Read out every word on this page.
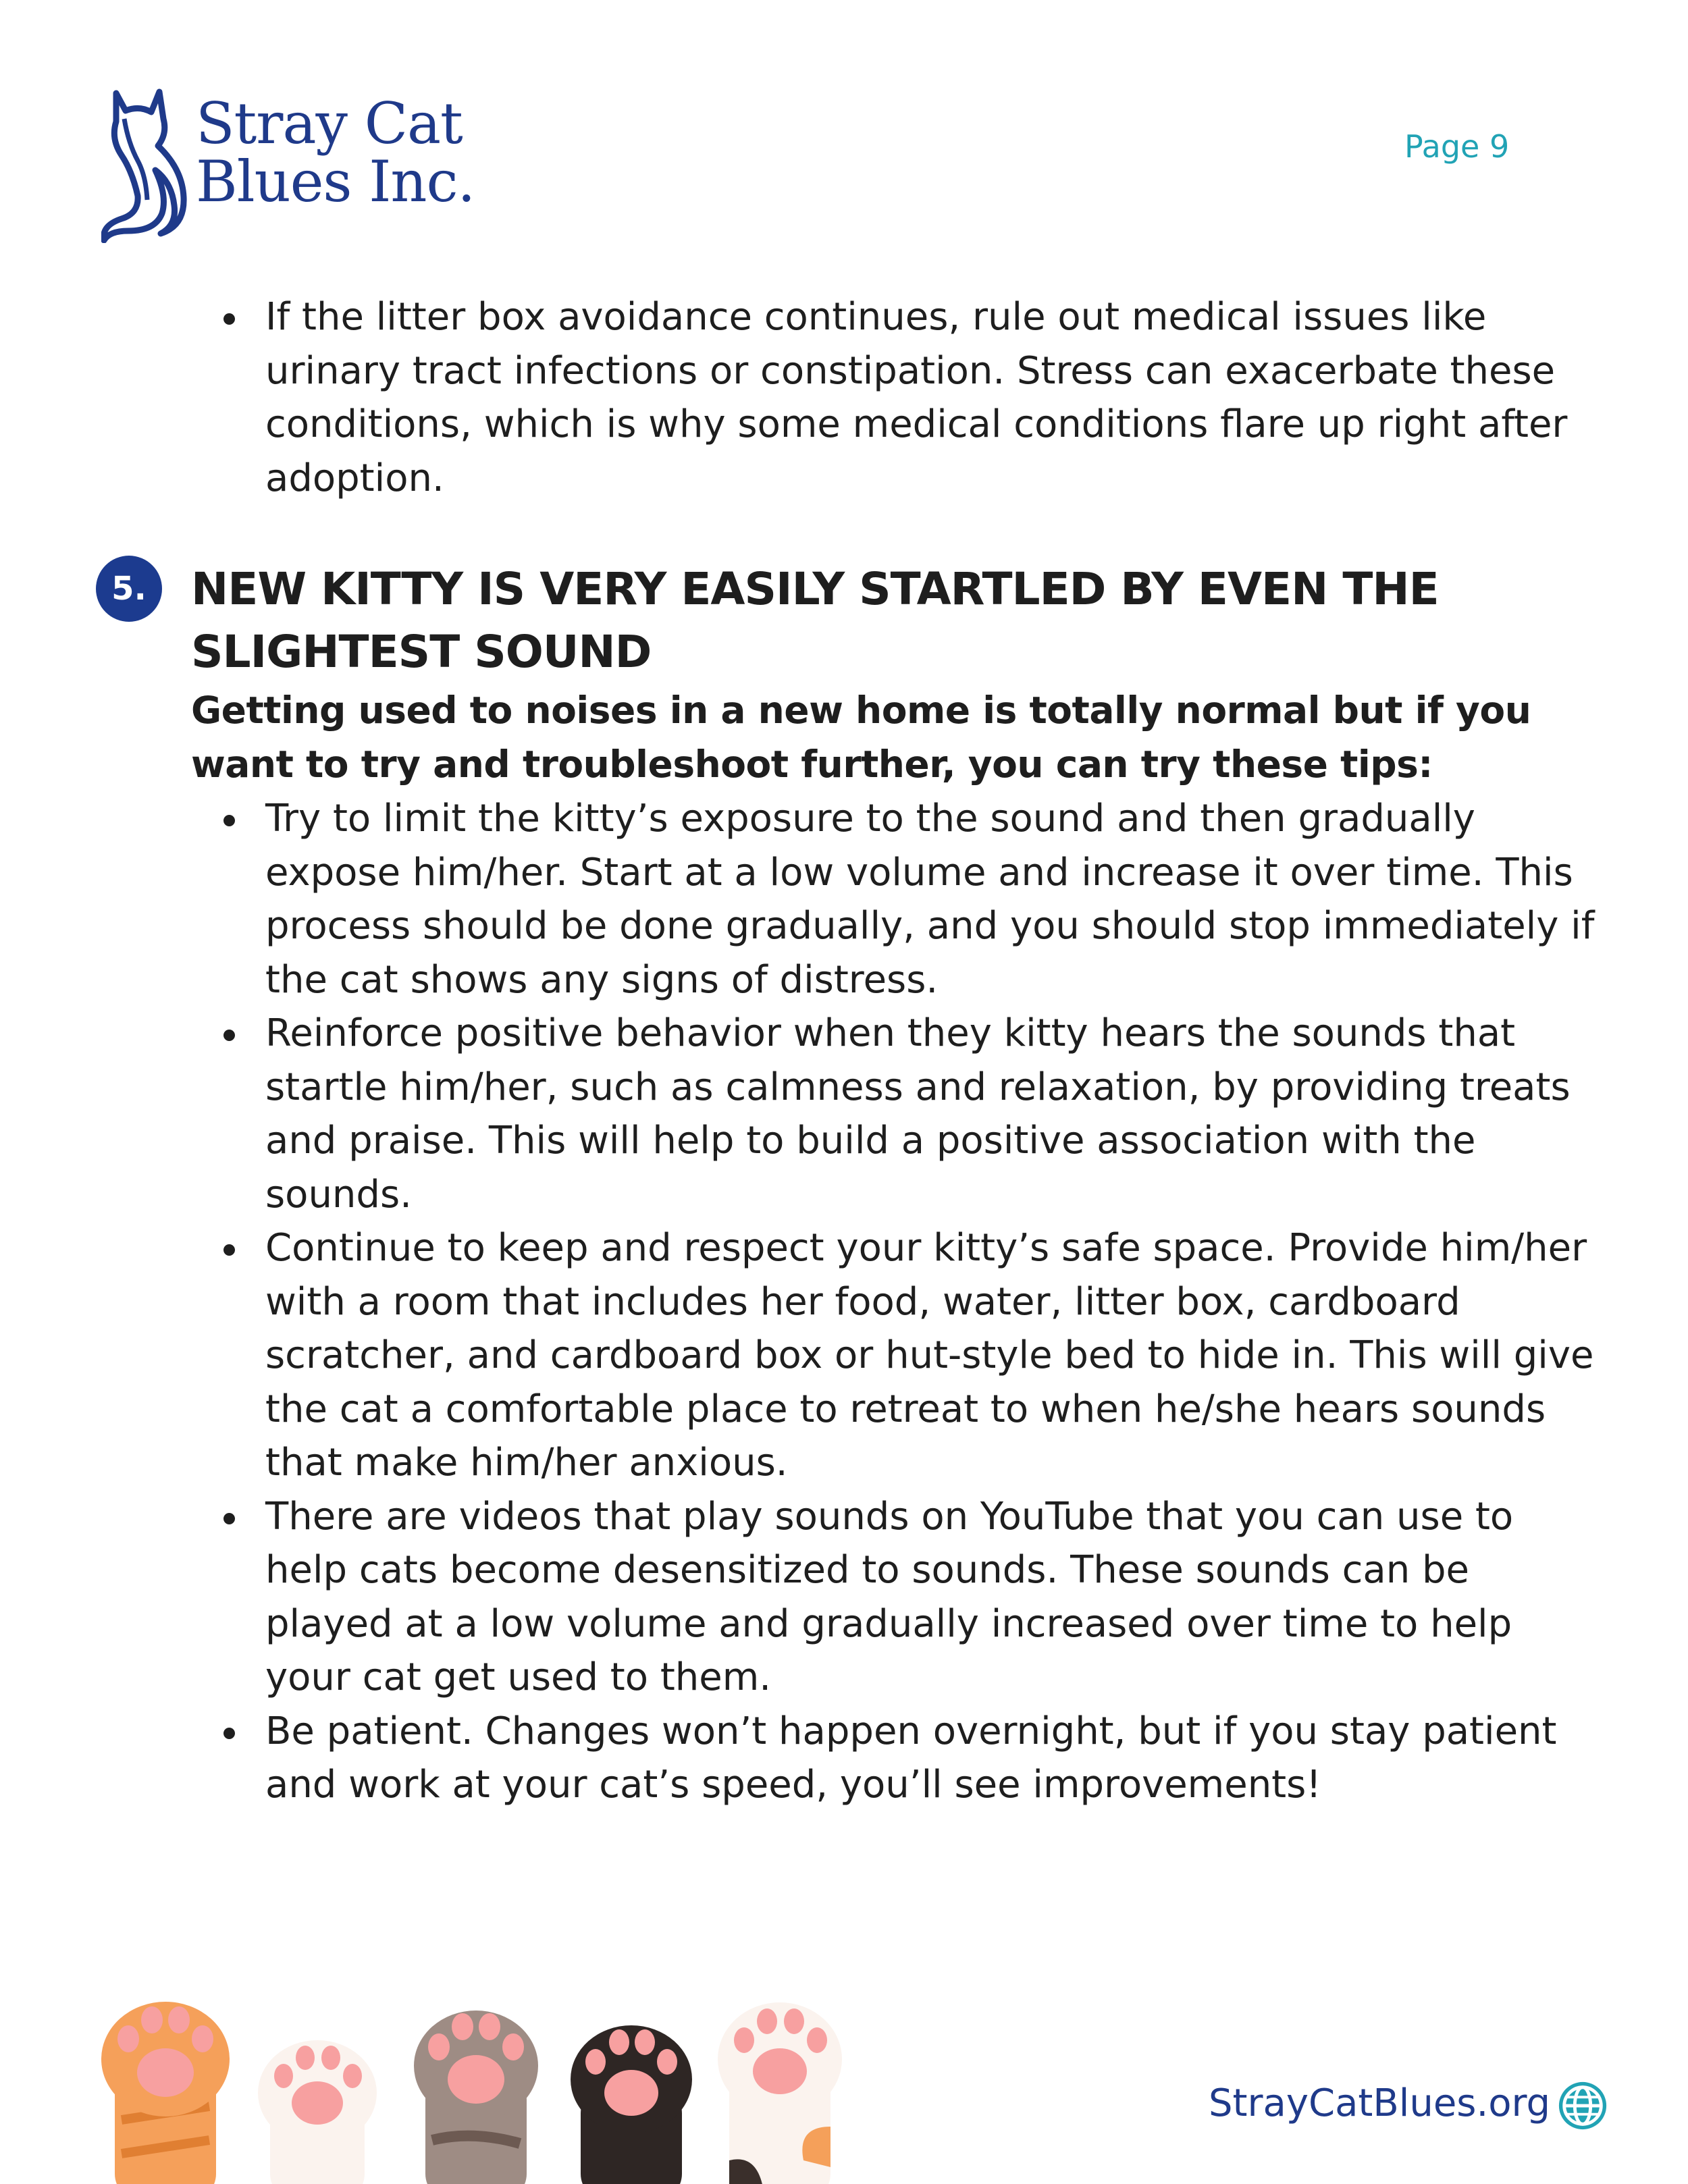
Stray Cat
Blues Inc.
Page 9
If the litter box avoidance continues, rule out medical issues like urinary tract infections or constipation. Stress can exacerbate these conditions, which is why some medical conditions flare up right after adoption.
5.	NEW KITTY IS VERY EASILY STARTLED BY EVEN THE SLIGHTEST SOUND
Getting used to noises in a new home is totally normal but if you want to try and troubleshoot further, you can try these tips:
Try to limit the kitty’s exposure to the sound and then gradually expose him/her. Start at a low volume and increase it over time. This process should be done gradually, and you should stop immediately if the cat shows any signs of distress.
Reinforce positive behavior when they kitty hears the sounds that startle him/her, such as calmness and relaxation, by providing treats and praise. This will help to build a positive association with the sounds.
Continue to keep and respect your kitty’s safe space. Provide him/her with a room that includes her food, water, litter box, cardboard scratcher, and cardboard box or hut-style bed to hide in. This will give the cat a comfortable place to retreat to when he/she hears sounds that make him/her anxious.
There are videos that play sounds on YouTube that you can use to help cats become desensitized to sounds. These sounds can be played at a low volume and gradually increased over time to help your cat get used to them.
Be patient. Changes won’t happen overnight, but if you stay patient and work at your cat’s speed, you’ll see improvements!
StrayCatBlues.org
